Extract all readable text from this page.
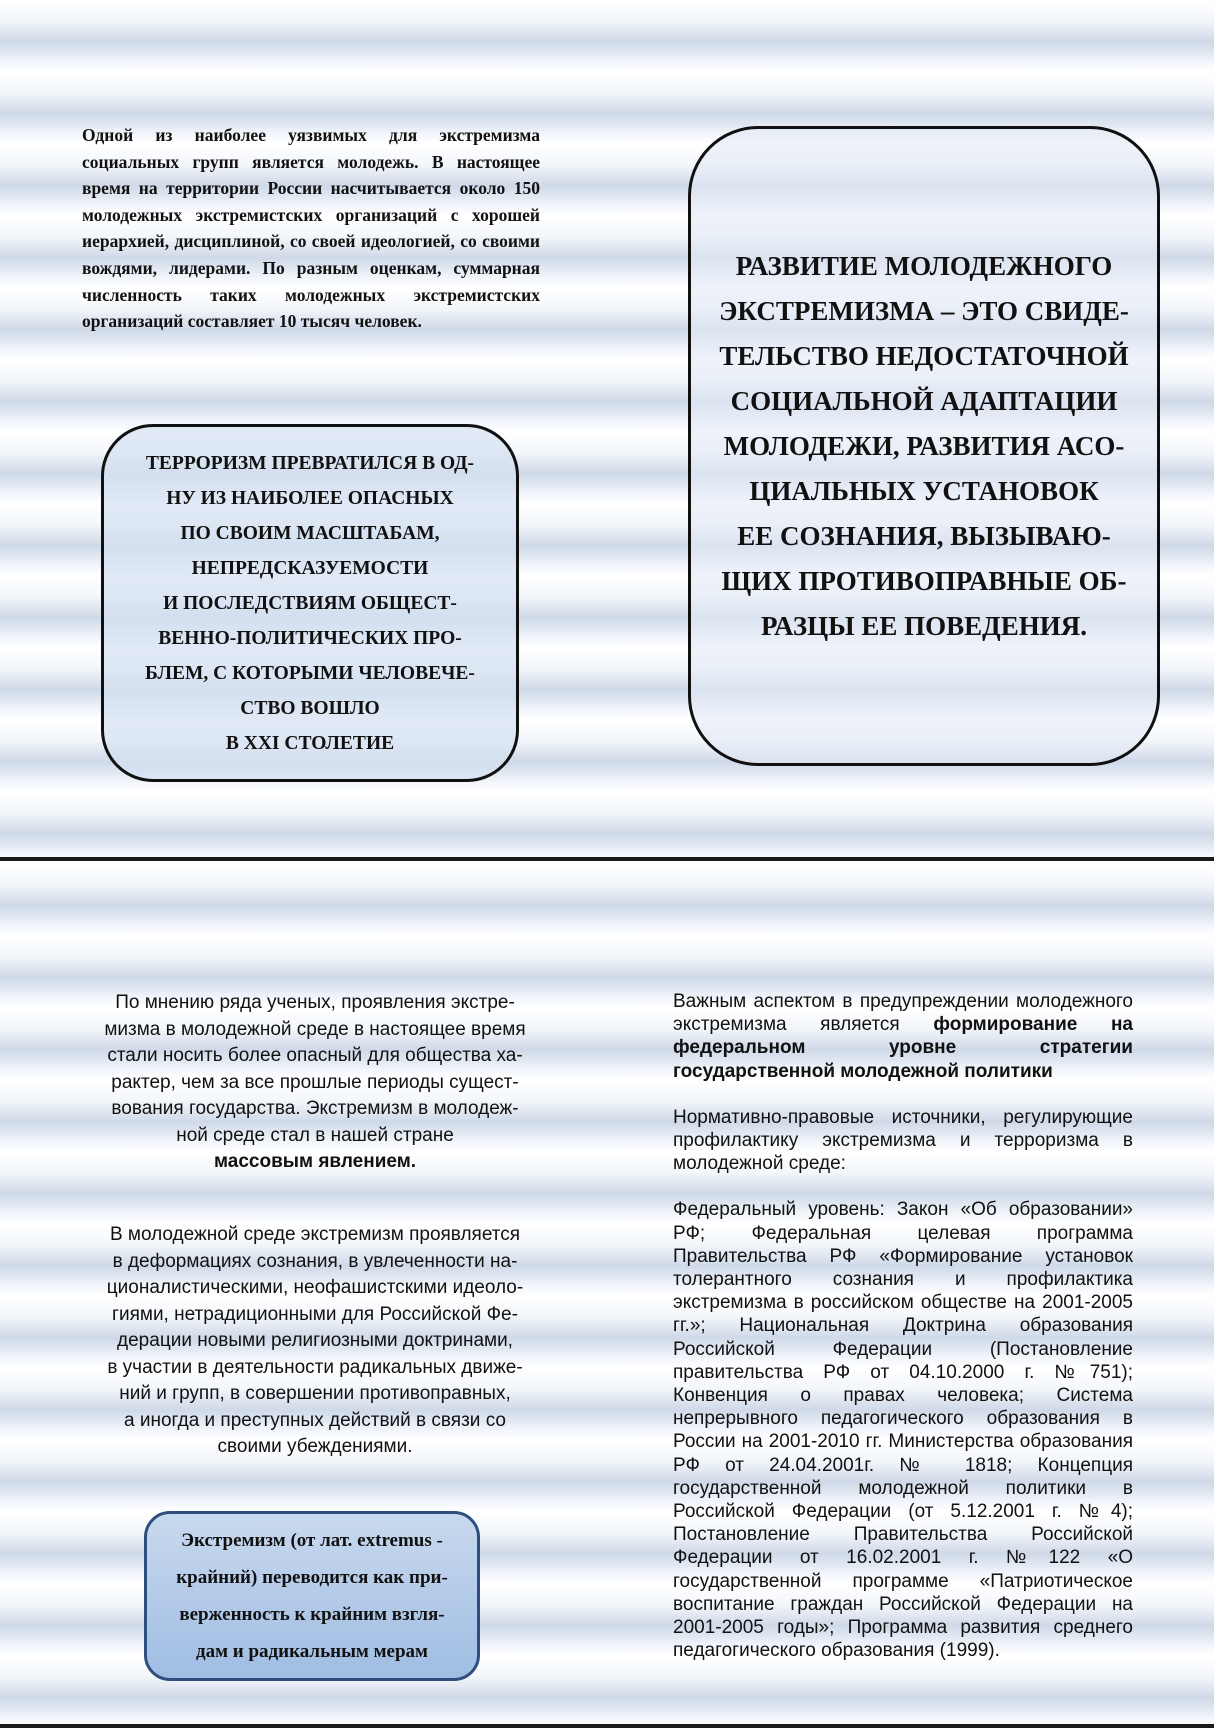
Одной из наиболее уязвимых для экстремизма социальных групп является молодежь. В настоящее время на территории России насчитывается около 150 молодежных экстремистских организаций с хорошей иерархией, дисциплиной, со своей идеологией, со своими вождями, лидерами. По разным оценкам, суммарная численность таких молодежных экстремистских организаций составляет 10 тысяч человек.

ТЕРРОРИЗМ ПРЕВРАТИЛСЯ В ОД-
НУ ИЗ НАИБОЛЕЕ ОПАСНЫХ
ПО СВОИМ МАСШТАБАМ,
НЕПРЕДСКАЗУЕМОСТИ
И ПОСЛЕДСТВИЯМ ОБЩЕСТ-
ВЕННО-ПОЛИТИЧЕСКИХ ПРО-
БЛЕМ, С КОТОРЫМИ ЧЕЛОВЕЧЕ-
СТВО ВОШЛО
В XXI СТОЛЕТИЕ

РАЗВИТИЕ МОЛОДЕЖНОГО
ЭКСТРЕМИЗМА – ЭТО СВИДЕ-
ТЕЛЬСТВО НЕДОСТАТОЧНОЙ
СОЦИАЛЬНОЙ АДАПТАЦИИ
МОЛОДЕЖИ, РАЗВИТИЯ АСО-
ЦИАЛЬНЫХ УСТАНОВОК
ЕЕ СОЗНАНИЯ, ВЫЗЫВАЮ-
ЩИХ ПРОТИВОПРАВНЫЕ ОБ-
РАЗЦЫ ЕЕ ПОВЕДЕНИЯ.

По мнению ряда ученых, проявления экстре-
мизма в молодежной среде в настоящее время
стали носить более опасный для общества ха-
рактер, чем за все прошлые периоды сущест-
вования государства. Экстремизм в молодеж-
ной среде стал в нашей стране
массовым явлением.

В молодежной среде экстремизм проявляется
в деформациях сознания, в увлеченности на-
ционалистическими, неофашистскими идеоло-
гиями, нетрадиционными для Российской Фе-
дерации новыми религиозными доктринами,
в участии в деятельности радикальных движе-
ний и групп, в совершении противоправных,
а иногда и преступных действий в связи со
своими убеждениями.

Экстремизм (от лат. extremus -
крайний) переводится как при-
верженность к крайним взгля-
дам и радикальным мерам

Важным аспектом в предупреждении молодежного экстремизма является формирование на федеральном уровне стратегии государственной молодежной политики

Нормативно-правовые источники, регулирующие профилактику экстремизма и терроризма в молодежной среде:

Федеральный уровень: Закон «Об образовании» РФ; Федеральная целевая программа Правительства РФ «Формирование установок толерантного сознания и профилактика экстремизма в российском обществе на 2001-2005 гг.»; Национальная Доктрина образования Российской Федерации (Постановление правительства РФ от 04.10.2000 г. №751); Конвенция о правах человека; Система непрерывного педагогического образования в России на 2001-2010 гг. Министерства образования РФ от 24.04.2001г. № 1818; Концепция государственной молодежной политики в Российской Федерации (от 5.12.2001 г. №4); Постановление Правительства Российской Федерации от 16.02.2001 г. №122 «О государственной программе «Патриотическое воспитание граждан Российской Федерации на 2001-2005 годы»; Программа развития среднего педагогического образования (1999).
